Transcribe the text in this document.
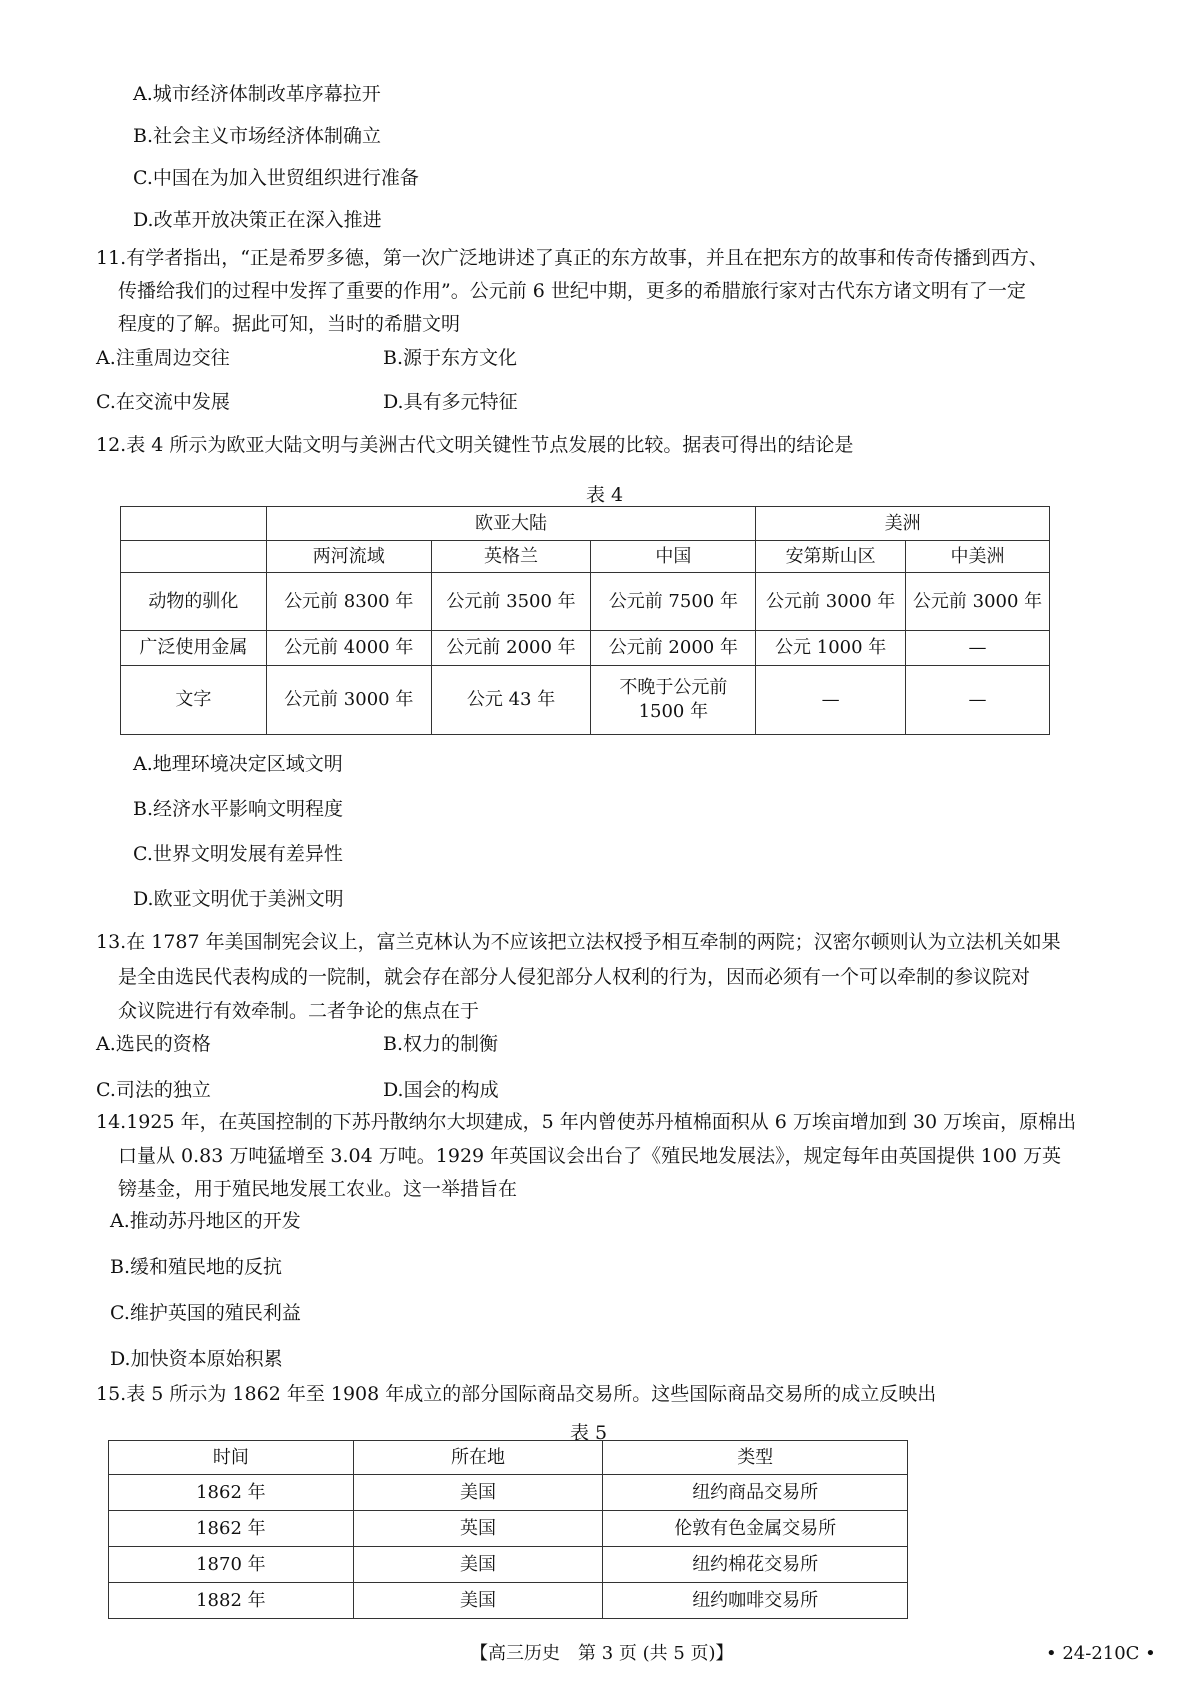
A.城市经济体制改革序幕拉开
B.社会主义市场经济体制确立
C.中国在为加入世贸组织进行准备
D.改革开放决策正在深入推进
11.有学者指出，“正是希罗多德，第一次广泛地讲述了真正的东方故事，并且在把东方的故事和传奇传播到西方、
传播给我们的过程中发挥了重要的作用”。公元前 6 世纪中期，更多的希腊旅行家对古代东方诸文明有了一定
程度的了解。据此可知，当时的希腊文明
A.注重周边交往	B.源于东方文化
C.在交流中发展	D.具有多元特征
12.表 4 所示为欧亚大陆文明与美洲古代文明关键性节点发展的比较。据表可得出的结论是
表 4
	欧亚大陆			美洲	
	两河流域	英格兰	中国	安第斯山区	中美洲
动物的驯化	公元前 8300 年	公元前 3500 年	公元前 7500 年	公元前 3000 年	公元前 3000 年
广泛使用金属	公元前 4000 年	公元前 2000 年	公元前 2000 年	公元 1000 年	—
文字	公元前 3000 年	公元 43 年	不晚于公元前 1500 年	—	—
A.地理环境决定区域文明
B.经济水平影响文明程度
C.世界文明发展有差异性
D.欧亚文明优于美洲文明
13.在 1787 年美国制宪会议上，富兰克林认为不应该把立法权授予相互牵制的两院；汉密尔顿则认为立法机关如果
是全由选民代表构成的一院制，就会存在部分人侵犯部分人权利的行为，因而必须有一个可以牵制的参议院对
众议院进行有效牵制。二者争论的焦点在于
A.选民的资格	B.权力的制衡
C.司法的独立	D.国会的构成
14.1925 年，在英国控制的下苏丹散纳尔大坝建成，5 年内曾使苏丹植棉面积从 6 万埃亩增加到 30 万埃亩，原棉出
口量从 0.83 万吨猛增至 3.04 万吨。1929 年英国议会出台了《殖民地发展法》，规定每年由英国提供 100 万英
镑基金，用于殖民地发展工农业。这一举措旨在
A.推动苏丹地区的开发
B.缓和殖民地的反抗
C.维护英国的殖民利益
D.加快资本原始积累
15.表 5 所示为 1862 年至 1908 年成立的部分国际商品交易所。这些国际商品交易所的成立反映出
表 5
时间	所在地	类型
1862 年	美国	纽约商品交易所
1862 年	英国	伦敦有色金属交易所
1870 年	美国	纽约棉花交易所
1882 年	美国	纽约咖啡交易所
【高三历史　第 3 页 (共 5 页)】	• 24-210C •
